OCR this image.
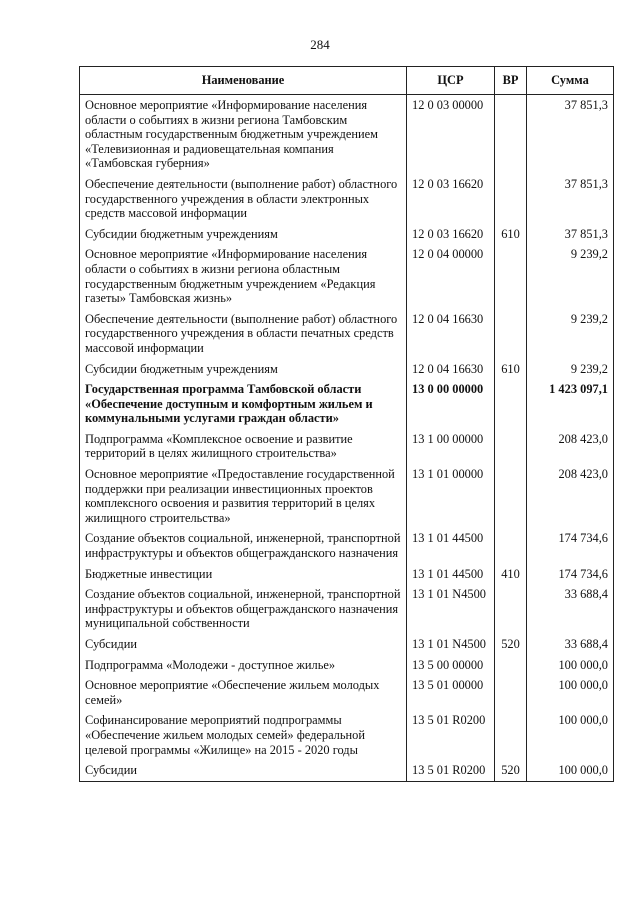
284
Наименование	ЦСР	ВР	Сумма
Основное мероприятие «Информирование населения области о событиях в жизни региона Тамбовским областным государственным бюджетным учреждением «Телевизионная и радиовещательная компания «Тамбовская губерния»	12 0 03 00000		37 851,3
Обеспечение деятельности (выполнение работ) областного государственного учреждения в области электронных средств массовой информации	12 0 03 16620		37 851,3
Субсидии бюджетным учреждениям	12 0 03 16620	610	37 851,3
Основное мероприятие «Информирование населения области о событиях в жизни региона областным государственным бюджетным учреждением «Редакция газеты» Тамбовская жизнь»	12 0 04 00000		9 239,2
Обеспечение деятельности (выполнение работ) областного государственного учреждения в области печатных средств массовой информации	12 0 04 16630		9 239,2
Субсидии бюджетным учреждениям	12 0 04 16630	610	9 239,2
Государственная программа Тамбовской области «Обеспечение доступным и комфортным жильем и коммунальными услугами граждан области»	13 0 00 00000		1 423 097,1
Подпрограмма «Комплексное освоение и развитие территорий в целях жилищного строительства»	13 1 00 00000		208 423,0
Основное мероприятие «Предоставление государственной поддержки при реализации инвестиционных проектов комплексного освоения и развития территорий в целях жилищного строительства»	13 1 01 00000		208 423,0
Создание объектов социальной, инженерной, транспортной инфраструктуры и объектов общегражданского назначения	13 1 01 44500		174 734,6
Бюджетные инвестиции	13 1 01 44500	410	174 734,6
Создание объектов социальной, инженерной, транспортной инфраструктуры и объектов общегражданского назначения муниципальной собственности	13 1 01 N4500		33 688,4
Субсидии	13 1 01 N4500	520	33 688,4
Подпрограмма «Молодежи - доступное жилье»	13 5 00 00000		100 000,0
Основное мероприятие «Обеспечение жильем молодых семей»	13 5 01 00000		100 000,0
Софинансирование мероприятий подпрограммы «Обеспечение жильем молодых семей» федеральной целевой программы «Жилище» на 2015 - 2020 годы	13 5 01 R0200		100 000,0
Субсидии	13 5 01 R0200	520	100 000,0
